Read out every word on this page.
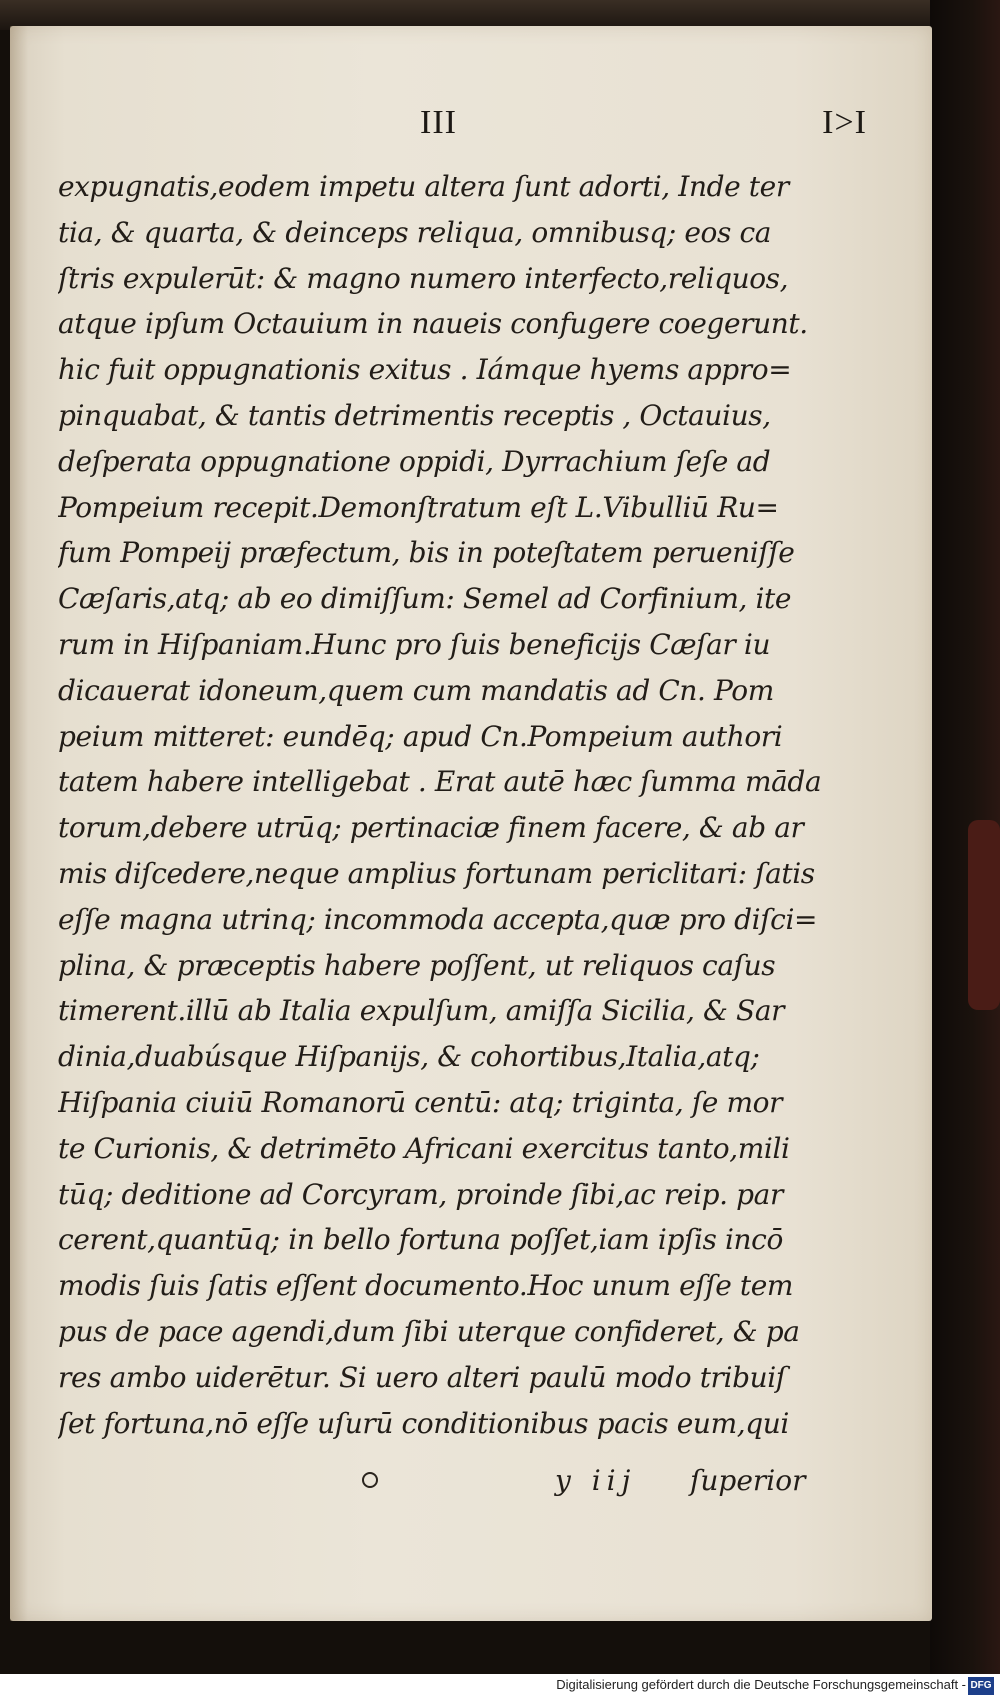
III	I>I
expugnatis,eodem impetu altera ſunt adorti, Inde ter
tia, & quarta, & deinceps reliqua, omnibusq; eos ca
ſtris expulerūt: & magno numero interfecto,reliquos,
atque ipſum Octauium in naueis confugere coegerunt.
hic fuit oppugnationis exitus . Iámque hyems appro=
pinquabat, & tantis detrimentis receptis , Octauius,
deſperata oppugnatione oppidi, Dyrrachium ſeſe ad
Pompeium recepit.Demonſtratum eſt L.Vibulliū Ru=
fum Pompeij præfectum, bis in poteſtatem perueniſſe
Cæſaris,atq; ab eo dimiſſum: Semel ad Corfinium, ite
rum in Hiſpaniam.Hunc pro ſuis beneficijs Cæſar iu
dicauerat idoneum,quem cum mandatis ad Cn. Pom
peium mitteret: eundēq; apud Cn.Pompeium authori
tatem habere intelligebat . Erat autē hæc ſumma māda
torum,debere utrūq; pertinaciæ finem facere, & ab ar
mis diſcedere,neque amplius fortunam periclitari: ſatis
eſſe magna utrinq; incommoda accepta,quæ pro diſci=
plina, & præceptis habere poſſent, ut reliquos caſus
timerent.illū ab Italia expulſum, amiſſa Sicilia, & Sar
dinia,duabúsque Hiſpanijs, & cohortibus,Italia,atq;
Hiſpania ciuiū Romanorū centū: atq; triginta, ſe mor
te Curionis, & detrimēto Africani exercitus tanto,mili
tūq; deditione ad Corcyram, proinde ſibi,ac reip. par
cerent,quantūq; in bello fortuna poſſet,iam ipſis incō
modis ſuis ſatis eſſent documento.Hoc unum eſſe tem
pus de pace agendi,dum ſibi uterque confideret, & pa
res ambo uiderētur. Si uero alteri paulū modo tribuiſ
ſet fortuna,nō eſſe uſurū conditionibus pacis eum,qui
y iij ſuperior
Digitalisierung gefördert durch die Deutsche Forschungsgemeinschaft - DFG
